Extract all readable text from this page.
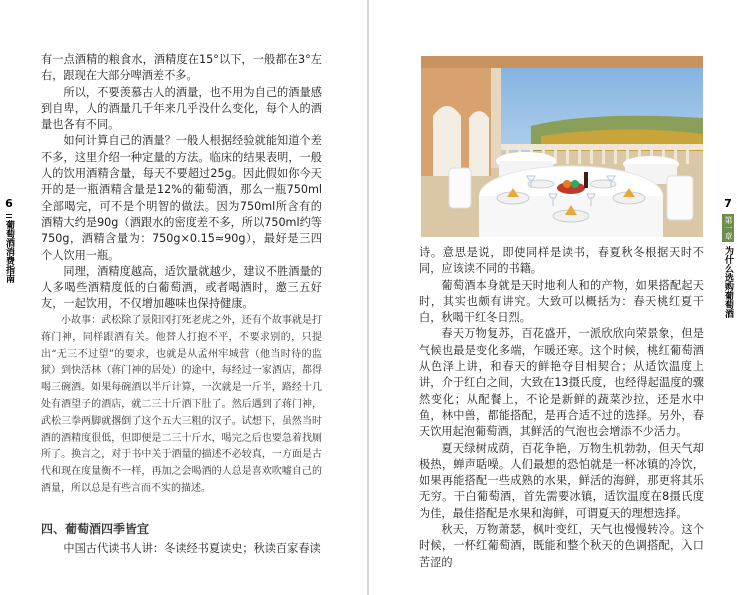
6
葡萄酒消费指南

有一点酒精的粮食水，酒精度在15°以下，一般都在3°左右，跟现在大部分啤酒差不多。

所以，不要羡慕古人的酒量，也不用为自己的酒量感到自卑，人的酒量几千年来几乎没什么变化，每个人的酒量也各有不同。

如何计算自己的酒量？一般人根据经验就能知道个差不多，这里介绍一种定量的方法。临床的结果表明，一般人的饮用酒精含量，每天不要超过25g。因此假如你今天开的是一瓶酒精含量是12%的葡萄酒，那么一瓶750ml全部喝完，可不是个明智的做法。因为750ml所含有的酒精大约是90g（酒跟水的密度差不多，所以750ml约等750g，酒精含量为：750g×0.15≈90g），最好是三四个人饮用一瓶。

同理，酒精度越高，适饮量就越少，建议不胜酒量的人多喝些酒精度低的白葡萄酒，或者喝酒时，邀三五好友，一起饮用，不仅增加趣味也保持健康。

小故事：武松除了景阳冈打死老虎之外，还有个故事就是打蒋门神，同样跟酒有关。他替人打抱不平，不要求别的，只提出“无三不过望”的要求，也就是从孟州牢城营（他当时待的监狱）到快活林（蒋门神的居处）的途中，每经过一家酒店，都得喝三碗酒。如果每碗酒以半斤计算，一次就是一斤半，路经十几处有酒望子的酒店，就二三十斤酒下肚了。然后遇到了蒋门神，武松三拳两脚就撂倒了这个五大三粗的汉子。试想下，虽然当时酒的酒精度很低，但即便是二三十斤水，喝完之后也要急着找厕所了。换言之，对于书中关于酒量的描述不必较真，一方面是古代和现在度量衡不一样，再加之会喝酒的人总是喜欢吹嘘自己的酒量，所以总是有些言而不实的描述。
四、葡萄酒四季皆宜
中国古代读书人讲：冬读经书夏读史；秋读百家春读

诗。意思是说，即使同样是读书，春夏秋冬根据天时不同，应该读不同的书籍。

葡萄酒本身就是天时地利人和的产物，如果搭配起天时，其实也颇有讲究。大致可以概括为：春天桃红夏干白，秋喝干红冬日烈。

春天万物复苏，百花盛开，一派欣欣向荣景象，但是气候也最是变化多端，乍暖还寒。这个时候，桃红葡萄酒从色泽上讲，和春天的鲜艳夺目相契合；从适饮温度上讲，介于红白之间，大致在13摄氏度，也经得起温度的骤然变化；从配餐上，不论是新鲜的蔬菜沙拉，还是水中鱼，林中兽，都能搭配，是再合适不过的选择。另外，春天饮用起泡葡萄酒，其鲜活的气泡也会增添不少活力。

夏天绿树成荫，百花争艳，万物生机勃勃，但天气却极热，蝉声聒噪。人们最想的恐怕就是一杯冰镇的冷饮，如果再能搭配一些成熟的水果，鲜活的海鲜，那更将其乐无穷。干白葡萄酒，首先需要冰镇，适饮温度在8摄氏度为佳，最佳搭配是水果和海鲜，可谓夏天的理想选择。

秋天，万物萧瑟，枫叶变红，天气也慢慢转冷。这个时候，一杯红葡萄酒，既能和整个秋天的色调搭配，入口苦涩的

7
第一章
为什么选购葡萄酒
